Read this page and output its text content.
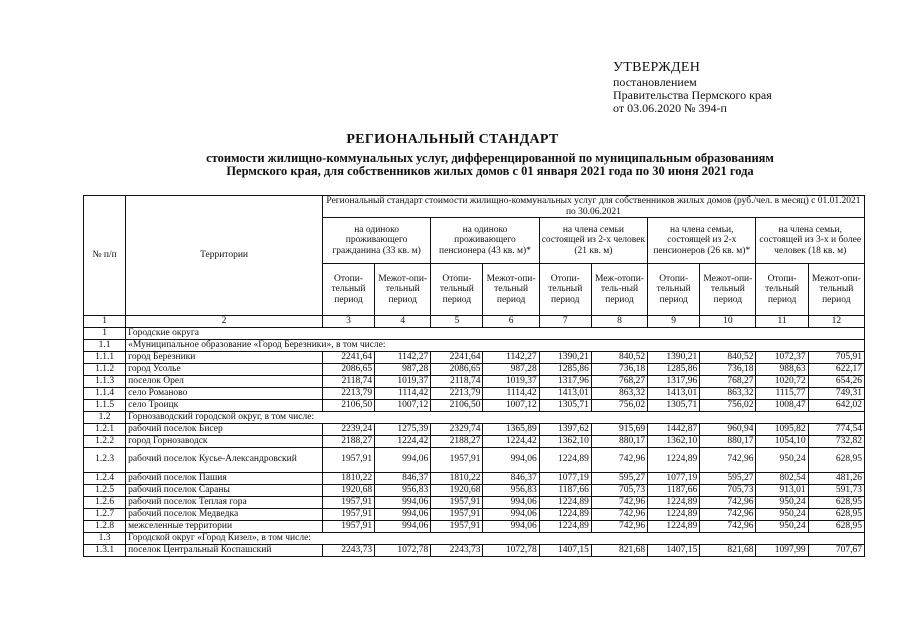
УТВЕРЖДЕН
постановлением
Правительства Пермского края
от 03.06.2020 № 394-п
РЕГИОНАЛЬНЫЙ СТАНДАРТ
стоимости жилищно-коммунальных услуг, дифференцированной по муниципальным образованиям
Пермского края, для собственников жилых домов с 01 января 2021 года по 30 июня 2021 года
№ п/п	Территории	Региональный стандарт стоимости жилищно-коммунальных услуг для собственников жилых домов (руб./чел. в месяц) с 01.01.2021 по 30.06.2021									
		на одиноко проживающего гражданина (33 кв. м)		на одиноко проживающего пенсионера (43 кв. м)*		на члена семьи состоящей из 2-х человек (21 кв. м)		на члена семьи, состоящей из 2-х пенсионеров (26 кв. м)*		на члена семьи, состоящей из 3-х и более человек (18 кв. м)	
		Отопи-тельный период	Межот-опи-тельный период	Отопи-тельный период	Межот-опи-тельный период	Отопи-тельный период	Меж-отопи-тель-ный период	Отопи-тельный период	Межот-опи-тельный период	Отопи-тельный период	Межот-опи-тельный период
1	2	3	4	5	6	7	8	9	10	11	12
1	Городские округа										
1.1	«Муниципальное образование «Город Березники», в том числе:										
1.1.1	город Березники	2241,64	1142,27	2241,64	1142,27	1390,21	840,52	1390,21	840,52	1072,37	705,91
1.1.2	город Усолье	2086,65	987,28	2086,65	987,28	1285,86	736,18	1285,86	736,18	988,63	622,17
1.1.3	поселок Орел	2118,74	1019,37	2118,74	1019,37	1317,96	768,27	1317,96	768,27	1020,72	654,26
1.1.4	село Романово	2213,79	1114,42	2213,79	1114,42	1413,01	863,32	1413,01	863,32	1115,77	749,31
1.1.5	село Троицк	2106,50	1007,12	2106,50	1007,12	1305,71	756,02	1305,71	756,02	1008,47	642,02
1.2	Горнозаводский городской округ, в том числе:										
1.2.1	рабочий поселок Бисер	2239,24	1275,39	2329,74	1365,89	1397,62	915,69	1442,87	960,94	1095,82	774,54
1.2.2	город Горнозаводск	2188,27	1224,42	2188,27	1224,42	1362,10	880,17	1362,10	880,17	1054,10	732,82
1.2.3	рабочий поселок Кусье-Александровский	1957,91	994,06	1957,91	994,06	1224,89	742,96	1224,89	742,96	950,24	628,95
1.2.4	рабочий поселок Пашия	1810,22	846,37	1810,22	846,37	1077,19	595,27	1077,19	595,27	802,54	481,26
1.2.5	рабочий поселок Сараны	1920,68	956,83	1920,68	956,83	1187,66	705,73	1187,66	705,73	913,01	591,73
1.2.6	рабочий поселок Теплая гора	1957,91	994,06	1957,91	994,06	1224,89	742,96	1224,89	742,96	950,24	628,95
1.2.7	рабочий поселок Медведка	1957,91	994,06	1957,91	994,06	1224,89	742,96	1224,89	742,96	950,24	628,95
1.2.8	межселенные территории	1957,91	994,06	1957,91	994,06	1224,89	742,96	1224,89	742,96	950,24	628,95
1.3	Городской округ «Город Кизел», в том числе:										
1.3.1	поселок Центральный Коспашский	2243,73	1072,78	2243,73	1072,78	1407,15	821,68	1407,15	821,68	1097,99	707,67
